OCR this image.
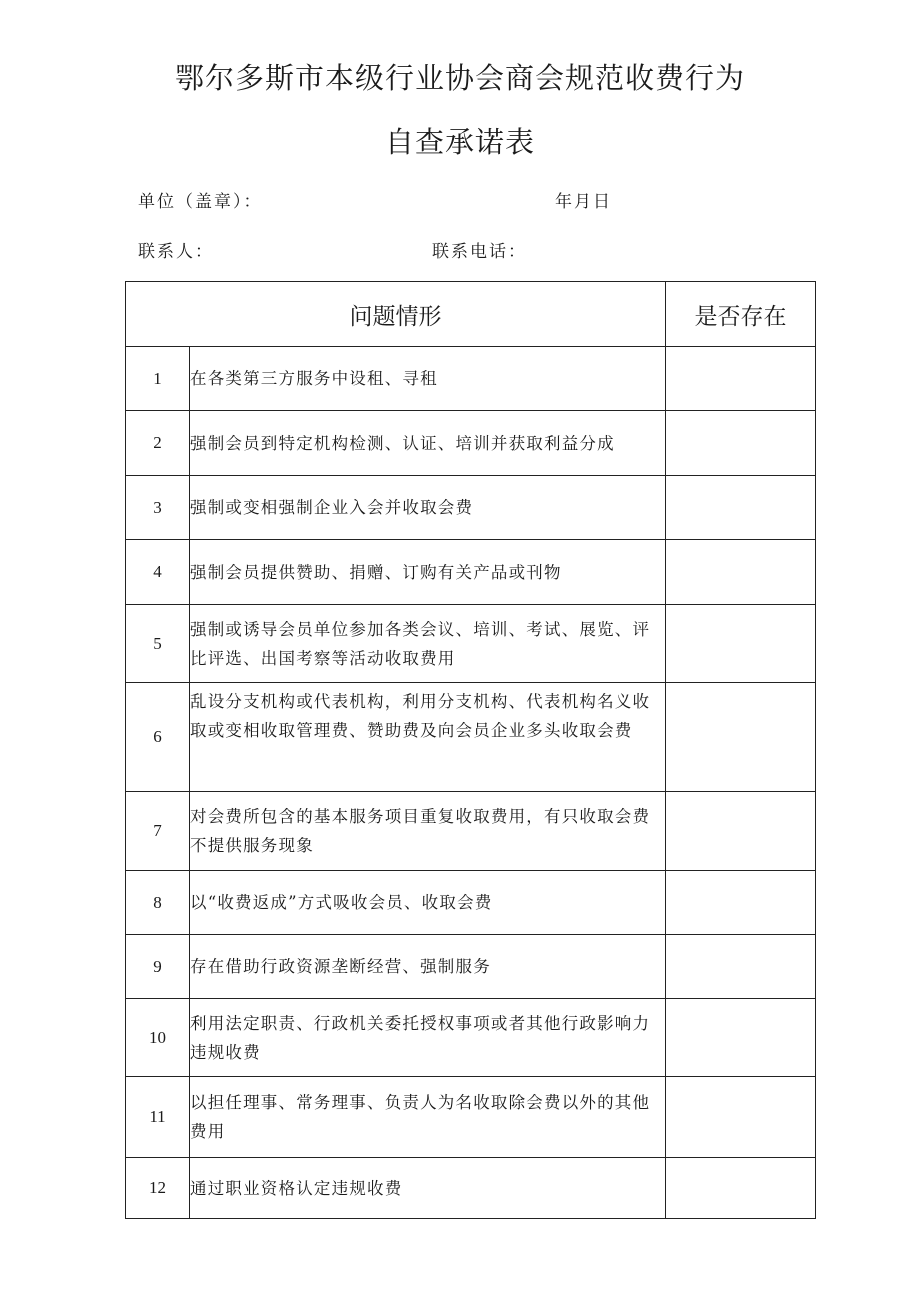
鄂尔多斯市本级行业协会商会规范收费行为
自查承诺表
单位（盖章）：	年月日
联系人：	联系电话：
问题情形		是否存在
1	在各类第三方服务中设租、寻租	
2	强制会员到特定机构检测、认证、培训并获取利益分成	
3	强制或变相强制企业入会并收取会费	
4	强制会员提供赞助、捐赠、订购有关产品或刊物	
5	强制或诱导会员单位参加各类会议、培训、考试、展览、评比评选、出国考察等活动收取费用	
6	乱设分支机构或代表机构，利用分支机构、代表机构名义收取或变相收取管理费、赞助费及向会员企业多头收取会费	
7	对会费所包含的基本服务项目重复收取费用，有只收取会费不提供服务现象	
8	以“收费返成”方式吸收会员、收取会费	
9	存在借助行政资源垄断经营、强制服务	
10	利用法定职责、行政机关委托授权事项或者其他行政影响力违规收费	
11	以担任理事、常务理事、负责人为名收取除会费以外的其他费用	
12	通过职业资格认定违规收费	
